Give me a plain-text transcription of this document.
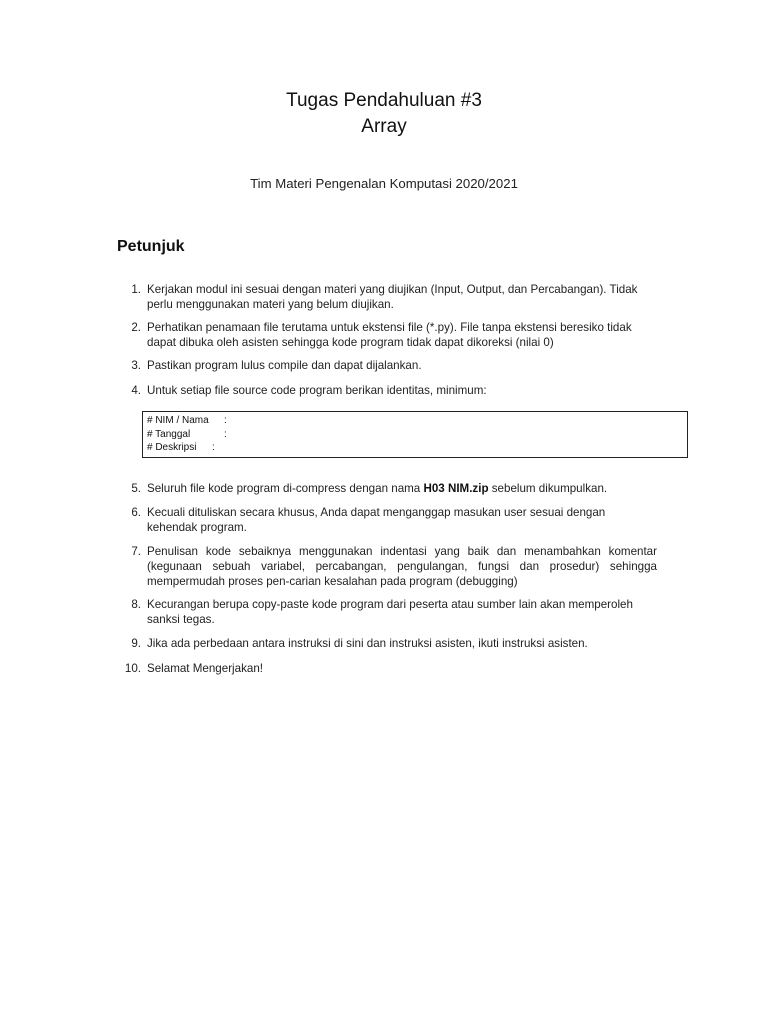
Tugas Pendahuluan #3
Array
Tim Materi Pengenalan Komputasi 2020/2021
Petunjuk
1. Kerjakan modul ini sesuai dengan materi yang diujikan (Input, Output, dan Percabangan). Tidak perlu menggunakan materi yang belum diujikan.
2. Perhatikan penamaan file terutama untuk ekstensi file (*.py). File tanpa ekstensi beresiko tidak dapat dibuka oleh asisten sehingga kode program tidak dapat dikoreksi (nilai 0)
3. Pastikan program lulus compile dan dapat dijalankan.
4. Untuk setiap file source code program berikan identitas, minimum:
5. Seluruh file kode program di-compress dengan nama H03 NIM.zip sebelum dikumpulkan.
6. Kecuali dituliskan secara khusus, Anda dapat menganggap masukan user sesuai dengan kehendak program.
7. Penulisan kode sebaiknya menggunakan indentasi yang baik dan menambahkan komentar (kegunaan sebuah variabel, percabangan, pengulangan, fungsi dan prosedur) sehingga mempermudah proses pen-carian kesalahan pada program (debugging)
8. Kecurangan berupa copy-paste kode program dari peserta atau sumber lain akan memperoleh sanksi tegas.
9. Jika ada perbedaan antara instruksi di sini dan instruksi asisten, ikuti instruksi asisten.
10. Selamat Mengerjakan!
# NIM / Nama :
# Tanggal	:
# Deskripsi :
